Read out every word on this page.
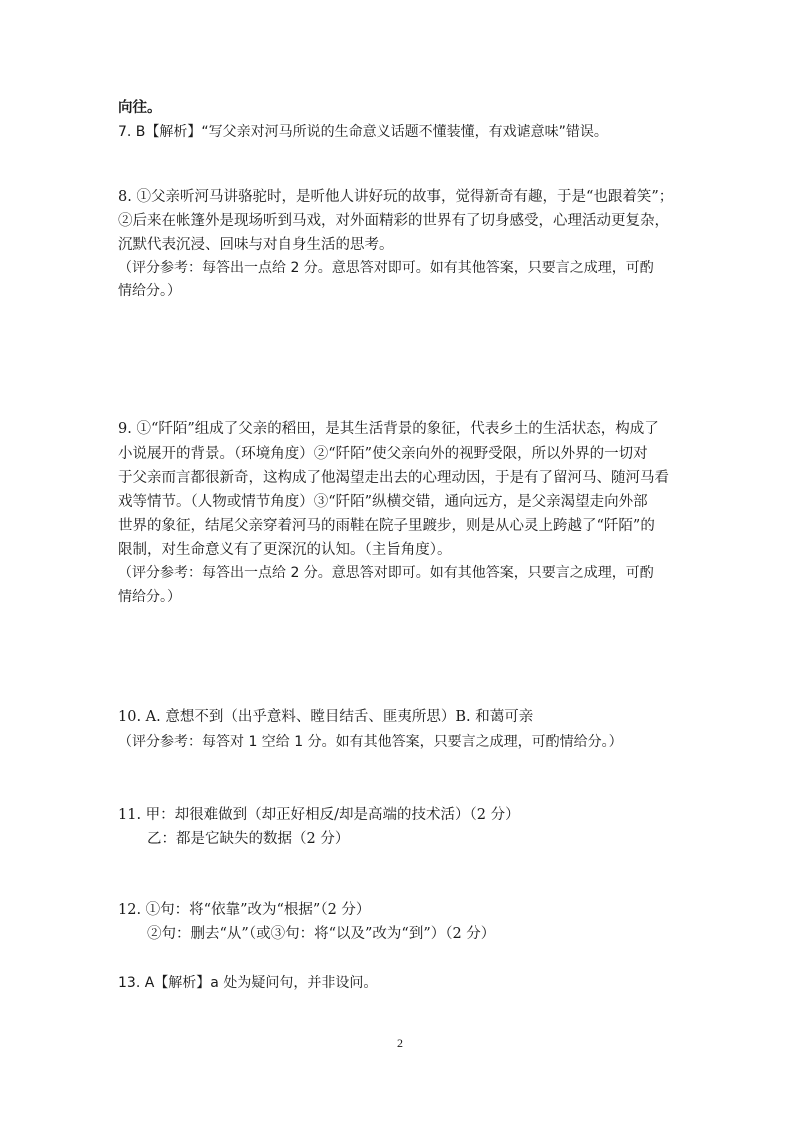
向往。
7. B【解析】“写父亲对河马所说的生命意义话题不懂装懂，有戏谑意味”错误。
8. ①父亲听河马讲骆驼时，是听他人讲好玩的故事，觉得新奇有趣，于是“也跟着笑”；
②后来在帐篷外是现场听到马戏，对外面精彩的世界有了切身感受，心理活动更复杂，
沉默代表沉浸、回味与对自身生活的思考。
（评分参考：每答出一点给 2 分。意思答对即可。如有其他答案，只要言之成理，可酌
情给分。）
9. ①“阡陌”组成了父亲的稻田，是其生活背景的象征，代表乡土的生活状态，构成了
小说展开的背景。（环境角度）②“阡陌”使父亲向外的视野受限，所以外界的一切对
于父亲而言都很新奇，这构成了他渴望走出去的心理动因，于是有了留河马、随河马看
戏等情节。（人物或情节角度）③“阡陌”纵横交错，通向远方，是父亲渴望走向外部
世界的象征，结尾父亲穿着河马的雨鞋在院子里踱步，则是从心灵上跨越了“阡陌”的
限制，对生命意义有了更深沉的认知。（主旨角度）。
（评分参考：每答出一点给 2 分。意思答对即可。如有其他答案，只要言之成理，可酌
情给分。）
10. A. 意想不到（出乎意料、瞠目结舌、匪夷所思）B. 和蔼可亲
（评分参考：每答对 1 空给 1 分。如有其他答案，只要言之成理，可酌情给分。）
11. 甲：却很难做到（却正好相反/却是高端的技术活）（2 分）
乙：都是它缺失的数据（2 分）
12. ①句：将“依靠”改为“根据”（2 分）
②句：删去“从”（或③句：将“以及”改为“到”）（2 分）
13. A【解析】a 处为疑问句，并非设问。
2
